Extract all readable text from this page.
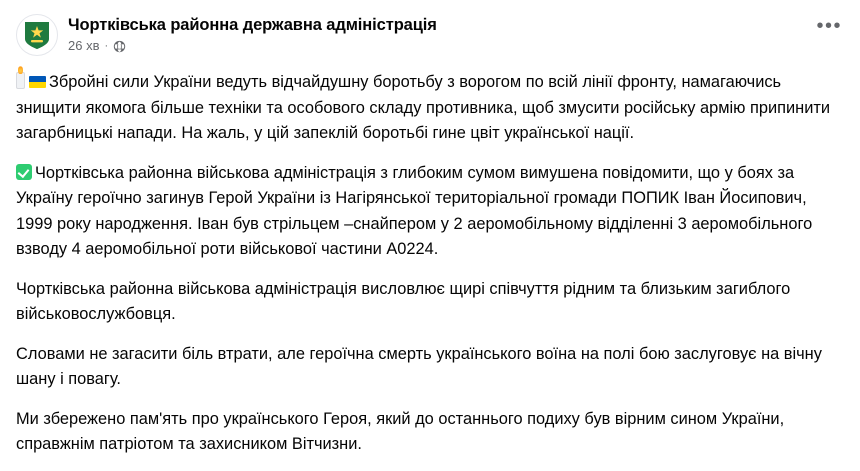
Чортківська районна державна адміністрація
26 хв ·
•••

Збройні сили України ведуть відчайдушну боротьбу з ворогом по всій лінії фронту, намагаючись знищити якомога більше техніки та особового складу противника, щоб змусити російську армію припинити загарбницькі напади. На жаль, у цій запеклій боротьбі гине цвіт української нації.

Чортківська районна військова адміністрація з глибоким сумом вимушена повідомити, що у боях за Україну героїчно загинув Герой України із Нагірянської територіальної громади ПОПИК Іван Йосипович, 1999 року народження. Іван був стрільцем –снайпером у 2 аеромобільному відділенні 3 аеромобільного взводу 4 аеромобільної роти військової частини А0224.

Чортківська районна військова адміністрація висловлює щирі співчуття рідним та близьким загиблого військовослужбовця.

Словами не загасити біль втрати, але героїчна смерть українського воїна на полі бою заслуговує на вічну шану і повагу.

Ми збережено пам'ять про українського Героя, який до останнього подиху був вірним сином України, справжнім патріотом та захисником Вітчизни.
